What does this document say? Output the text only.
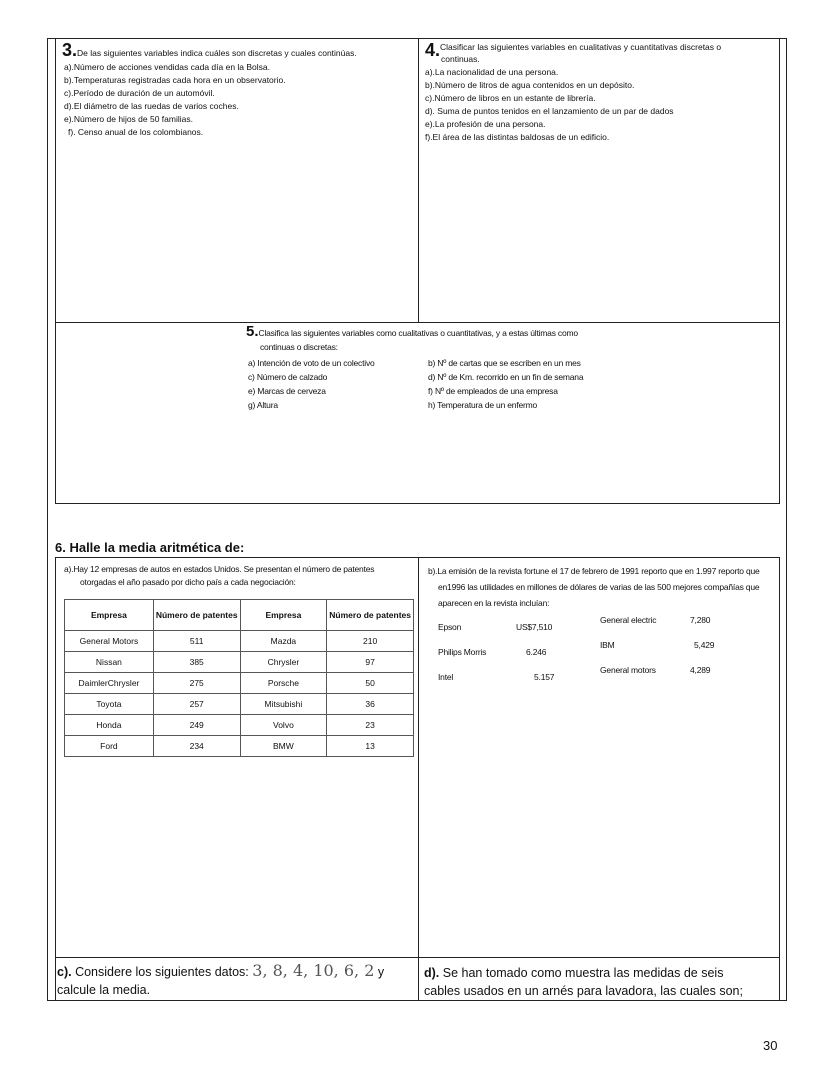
3.De las siguientes variables indica cuáles son discretas y cuales continúas.
a).Número de acciones vendidas cada día en la Bolsa.
b).Temperaturas registradas cada hora en un observatorio.
c).Período de duración de un automóvil.
d).El diámetro de las ruedas de varios coches.
e).Número de hijos de 50 familias.
f). Censo anual de los colombianos.
4.$^{Clasificar las siguientes variables en cualitativas y cuantitativas discretas o}$
continuas.
a).La nacionalidad de una persona.
b).Número de litros de agua contenidos en un depósito.
c).Número de libros en un estante de librería.
d). Suma de puntos tenidos en el lanzamiento de un par de dados
e).La profesión de una persona.
f).El área de las distintas baldosas de un edificio.
5.Clasifica las siguientes variables como cualitativas o cuantitativas, y a estas últimas como
continuas o discretas:
a) Intención de voto de un colectivo
c) Número de calzado
e) Marcas de cerveza
g) Altura
b) Nº de cartas que se escriben en un mes
d) Nº de Km. recorrido en un fin de semana
f) Nº de empleados de una empresa
h) Temperatura de un enfermo
6. Halle la media aritmética de:
a).Hay 12 empresas de autos en estados Unidos. Se presentan el número de patentes
otorgadas el año pasado por dicho país a cada negociación:
Empresa	Número de patentes	Empresa	Número de patentes
General Motors	511	Mazda	210
Nissan	385	Chrysler	97
DaimlerChrysler	275	Porsche	50
Toyota	257	Mitsubishi	36
Honda	249	Volvo	23
Ford	234	BMW	13
b).La emisión de la revista fortune el 17 de febrero de 1991 reporto que en 1.997 reporto que
en1996 las utilidades en millones de dólares de varias de las 500 mejores compañías que
aparecen en la revista incluían:
Epson	US$7,510
Philips Morris	6.246
Intel	5.157
General electric	7,280
IBM	5,429
General motors	4,289
c). Considere los siguientes datos: 3, 8, 4, 10, 6, 2 y
calcule la media.
d). Se han tomado como muestra las medidas de seis
cables usados en un arnés para lavadora, las cuales son;
30
